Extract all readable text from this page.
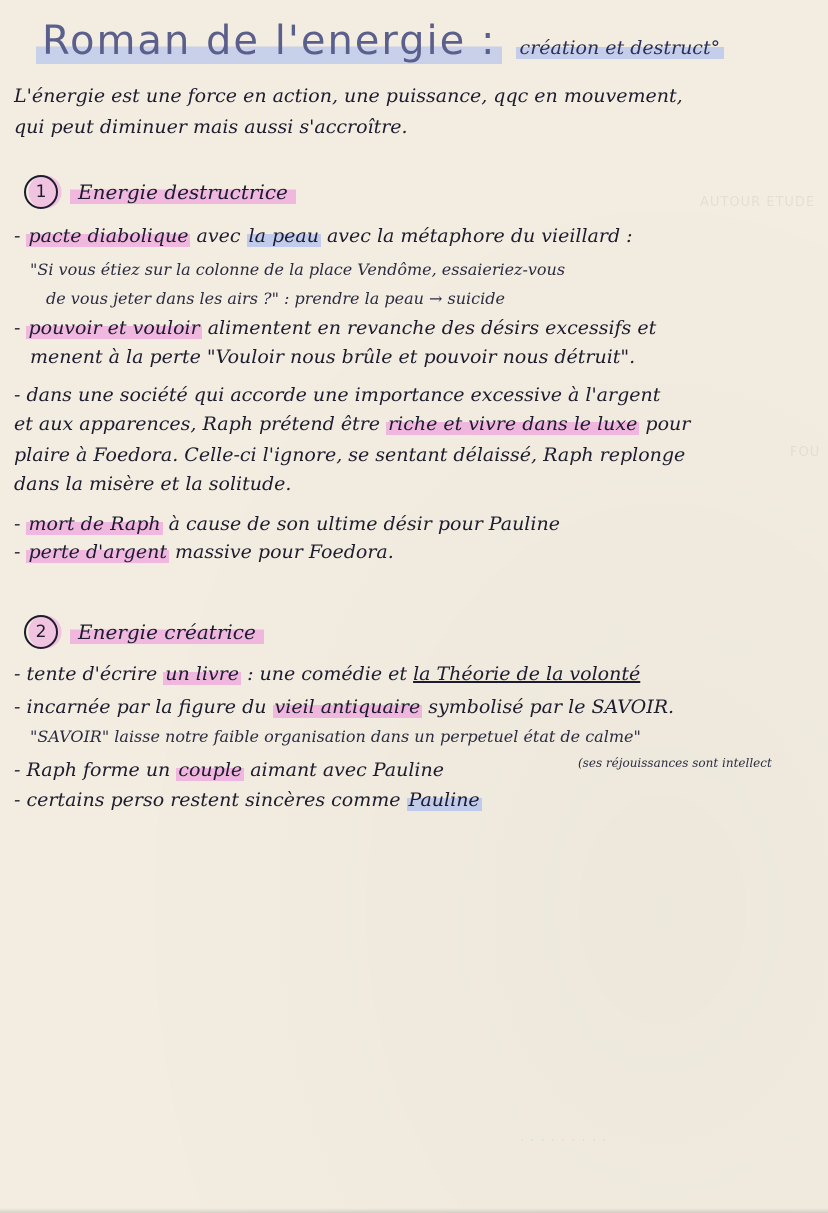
AUTOUR ETUDE
FOU
. . . . . . . . .
Roman de l'energie : création et destruct°
L'énergie est une force en action, une puissance, qqc en mouvement,
qui peut diminuer mais aussi s'accroître.
1	Energie destructrice
- pacte diabolique avec la peau avec la métaphore du vieillard :
"Si vous étiez sur la colonne de la place Vendôme, essaieriez-vous
de vous jeter dans les airs ?" : prendre la peau → suicide
- pouvoir et vouloir alimentent en revanche des désirs excessifs et
menent à la perte "Vouloir nous brûle et pouvoir nous détruit".
- dans une société qui accorde une importance excessive à l'argent
et aux apparences, Raph prétend être riche et vivre dans le luxe pour
plaire à Foedora. Celle-ci l'ignore, se sentant délaissé, Raph replonge
dans la misère et la solitude.
- mort de Raph à cause de son ultime désir pour Pauline
- perte d'argent massive pour Foedora.
2	Energie créatrice
- tente d'écrire un livre : une comédie et la Théorie de la volonté
- incarnée par la figure du vieil antiquaire symbolisé par le SAVOIR.
"SAVOIR" laisse notre faible organisation dans un perpetuel état de calme"
- Raph forme un couple aimant avec Pauline	(ses réjouissances sont intellect
- certains perso restent sincères comme Pauline
